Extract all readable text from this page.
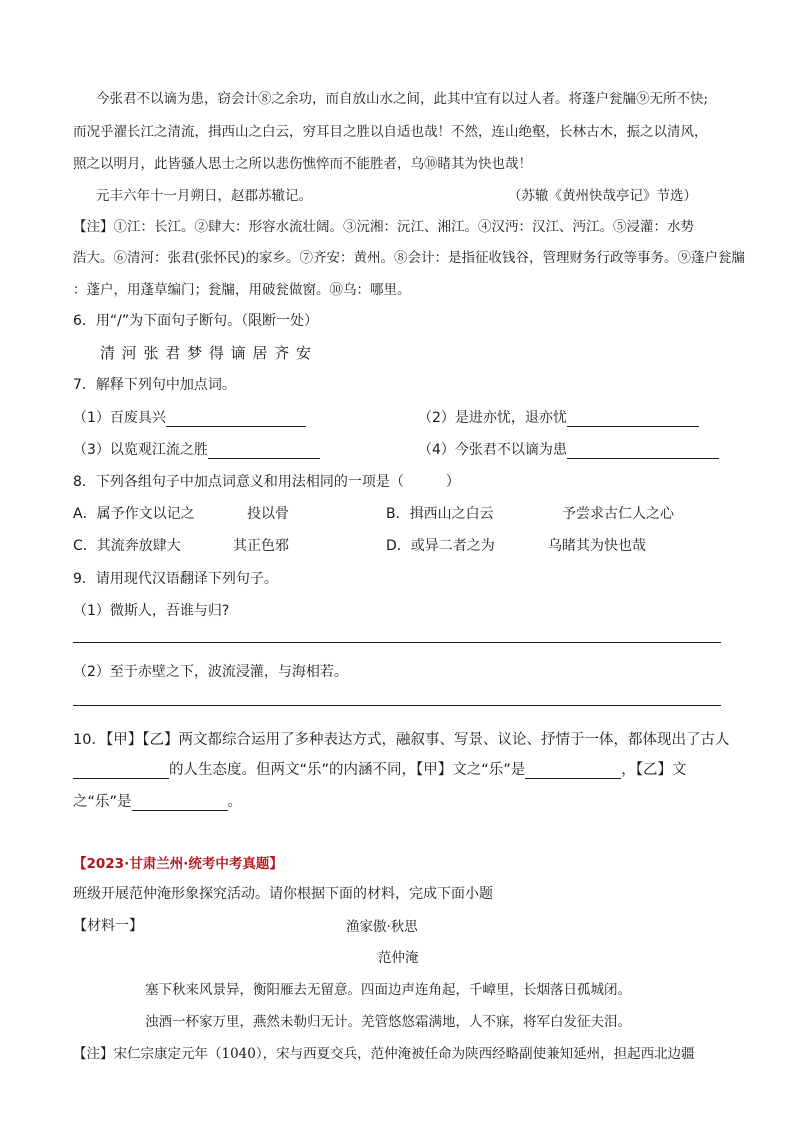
今张君不以谪为患，窃会计⑧之余功，而自放山水之间，此其中宜有以过人者。将蓬户瓮牖⑨无所不快;
而况乎濯长江之清流，揖西山之白云，穷耳目之胜以自适也哉！不然，连山绝壑，长林古木，振之以清风，
照之以明月，此皆骚人思士之所以悲伤憔悴而不能胜者，乌⑩睹其为快也哉！
元丰六年十一月朔日，赵郡苏辙记。	（苏辙《黄州快哉亭记》节选）
【注】①江：长江。②肆大：形容水流壮阔。③沅湘：沅江、湘江。④汉沔：汉江、沔江。⑤浸灌：水势
浩大。⑥清河：张君(张怀民)的家乡。⑦齐安：黄州。⑧会计：是指征收钱谷，管理财务行政等事务。⑨蓬户瓮牖
：蓬户，用蓬草编门；瓮牖，用破瓮做窗。⑩乌：哪里。
6．用“/”为下面句子断句。（限断一处）
清 河 张 君 梦 得 谪 居 齐 安
7．解释下列句中加点词。
（1）百废具兴	（2）是进亦忧，退亦忧
（3）以览观江流之胜	（4）今张君不以谪为患
8．下列各组句子中加点词意义和用法相同的一项是（　　　）
A．属予作文以记之	投以骨	B．揖西山之白云	予尝求古仁人之心
C．其流奔放肆大	其正色邪	D．或异二者之为	乌睹其为快也哉
9．请用现代汉语翻译下列句子。
（1）微斯人，吾谁与归?
（2）至于赤壁之下，波流浸灌，与海相若。
10．【甲】【乙】两文都综合运用了多种表达方式，融叙事、写景、议论、抒情于一体，都体现出了古人
的人生态度。但两文“乐”的内涵不同，【甲】文之“乐”是	，【乙】文
之“乐”是	。
【2023·甘肃兰州·统考中考真题】
班级开展范仲淹形象探究活动。请你根据下面的材料，完成下面小题
【材料一】	渔家傲·秋思
范仲淹
塞下秋来风景异，衡阳雁去无留意。四面边声连角起，千嶂里，长烟落日孤城闭。
浊酒一杯家万里，燕然未勒归无计。羌管悠悠霜满地，人不寐，将军白发征夫泪。
【注】宋仁宗康定元年（1040），宋与西夏交兵，范仲淹被任命为陕西经略副使兼知延州，担起西北边疆
